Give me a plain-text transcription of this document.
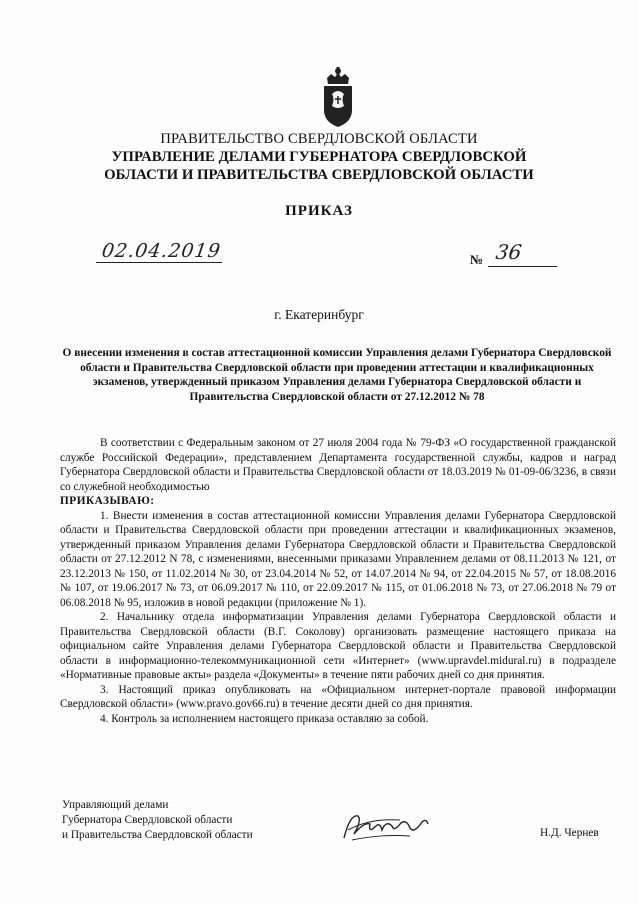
ПРАВИТЕЛЬСТВО СВЕРДЛОВСКОЙ ОБЛАСТИ
УПРАВЛЕНИЕ ДЕЛАМИ ГУБЕРНАТОРА СВЕРДЛОВСКОЙ
ОБЛАСТИ И ПРАВИТЕЛЬСТВА СВЕРДЛОВСКОЙ ОБЛАСТИ
ПРИКАЗ
02.04.2019	№ 36
г. Екатеринбург
О внесении изменения в состав аттестационной комиссии Управления делами Губернатора Свердловской области и Правительства Свердловской области при проведении аттестации и квалификационных экзаменов, утвержденный приказом Управления делами Губернатора Свердловской области и Правительства Свердловской области от 27.12.2012 № 78

В соответствии с Федеральным законом от 27 июля 2004 года № 79-ФЗ «О государственной гражданской службе Российской Федерации», представлением Департамента государственной службы, кадров и наград Губернатора Свердловской области и Правительства Свердловской области от 18.03.2019 № 01-09-06/3236, в связи со служебной необходимостью

ПРИКАЗЫВАЮ:

1. Внести изменения в состав аттестационной комиссии Управления делами Губернатора Свердловской области и Правительства Свердловской области при проведении аттестации и квалификационных экзаменов, утвержденный приказом Управления делами Губернатора Свердловской области и Правительства Свердловской области от 27.12.2012 N 78, с изменениями, внесенными приказами Управлением делами от 08.11.2013 № 121, от 23.12.2013 № 150, от 11.02.2014 № 30, от 23.04.2014 № 52, от 14.07.2014 № 94, от 22.04.2015 № 57, от 18.08.2016 № 107, от 19.06.2017 № 73, от 06.09.2017 № 110, от 22.09.2017 № 115, от 01.06.2018 № 73, от 27.06.2018 № 79 от 06.08.2018 № 95, изложив в новой редакции (приложение № 1).

2. Начальнику отдела информатизации Управления делами Губернатора Свердловской области и Правительства Свердловской области (В.Г. Соколову) организовать размещение настоящего приказа на официальном сайте Управления делами Губернатора Свердловской области и Правительства Свердловской области в информационно-телекоммуникационной сети «Интернет» (www.upravdel.midural.ru) в подразделе «Нормативные правовые акты» раздела «Документы» в течение пяти рабочих дней со дня принятия.

3. Настоящий приказ опубликовать на «Официальном интернет-портале правовой информации Свердловской области» (www.pravo.gov66.ru) в течение десяти дней со дня принятия.

4. Контроль за исполнением настоящего приказа оставляю за собой.

Управляющий делами
Губернатора Свердловской области
и Правительства Свердловской области	Н.Д. Чернев
